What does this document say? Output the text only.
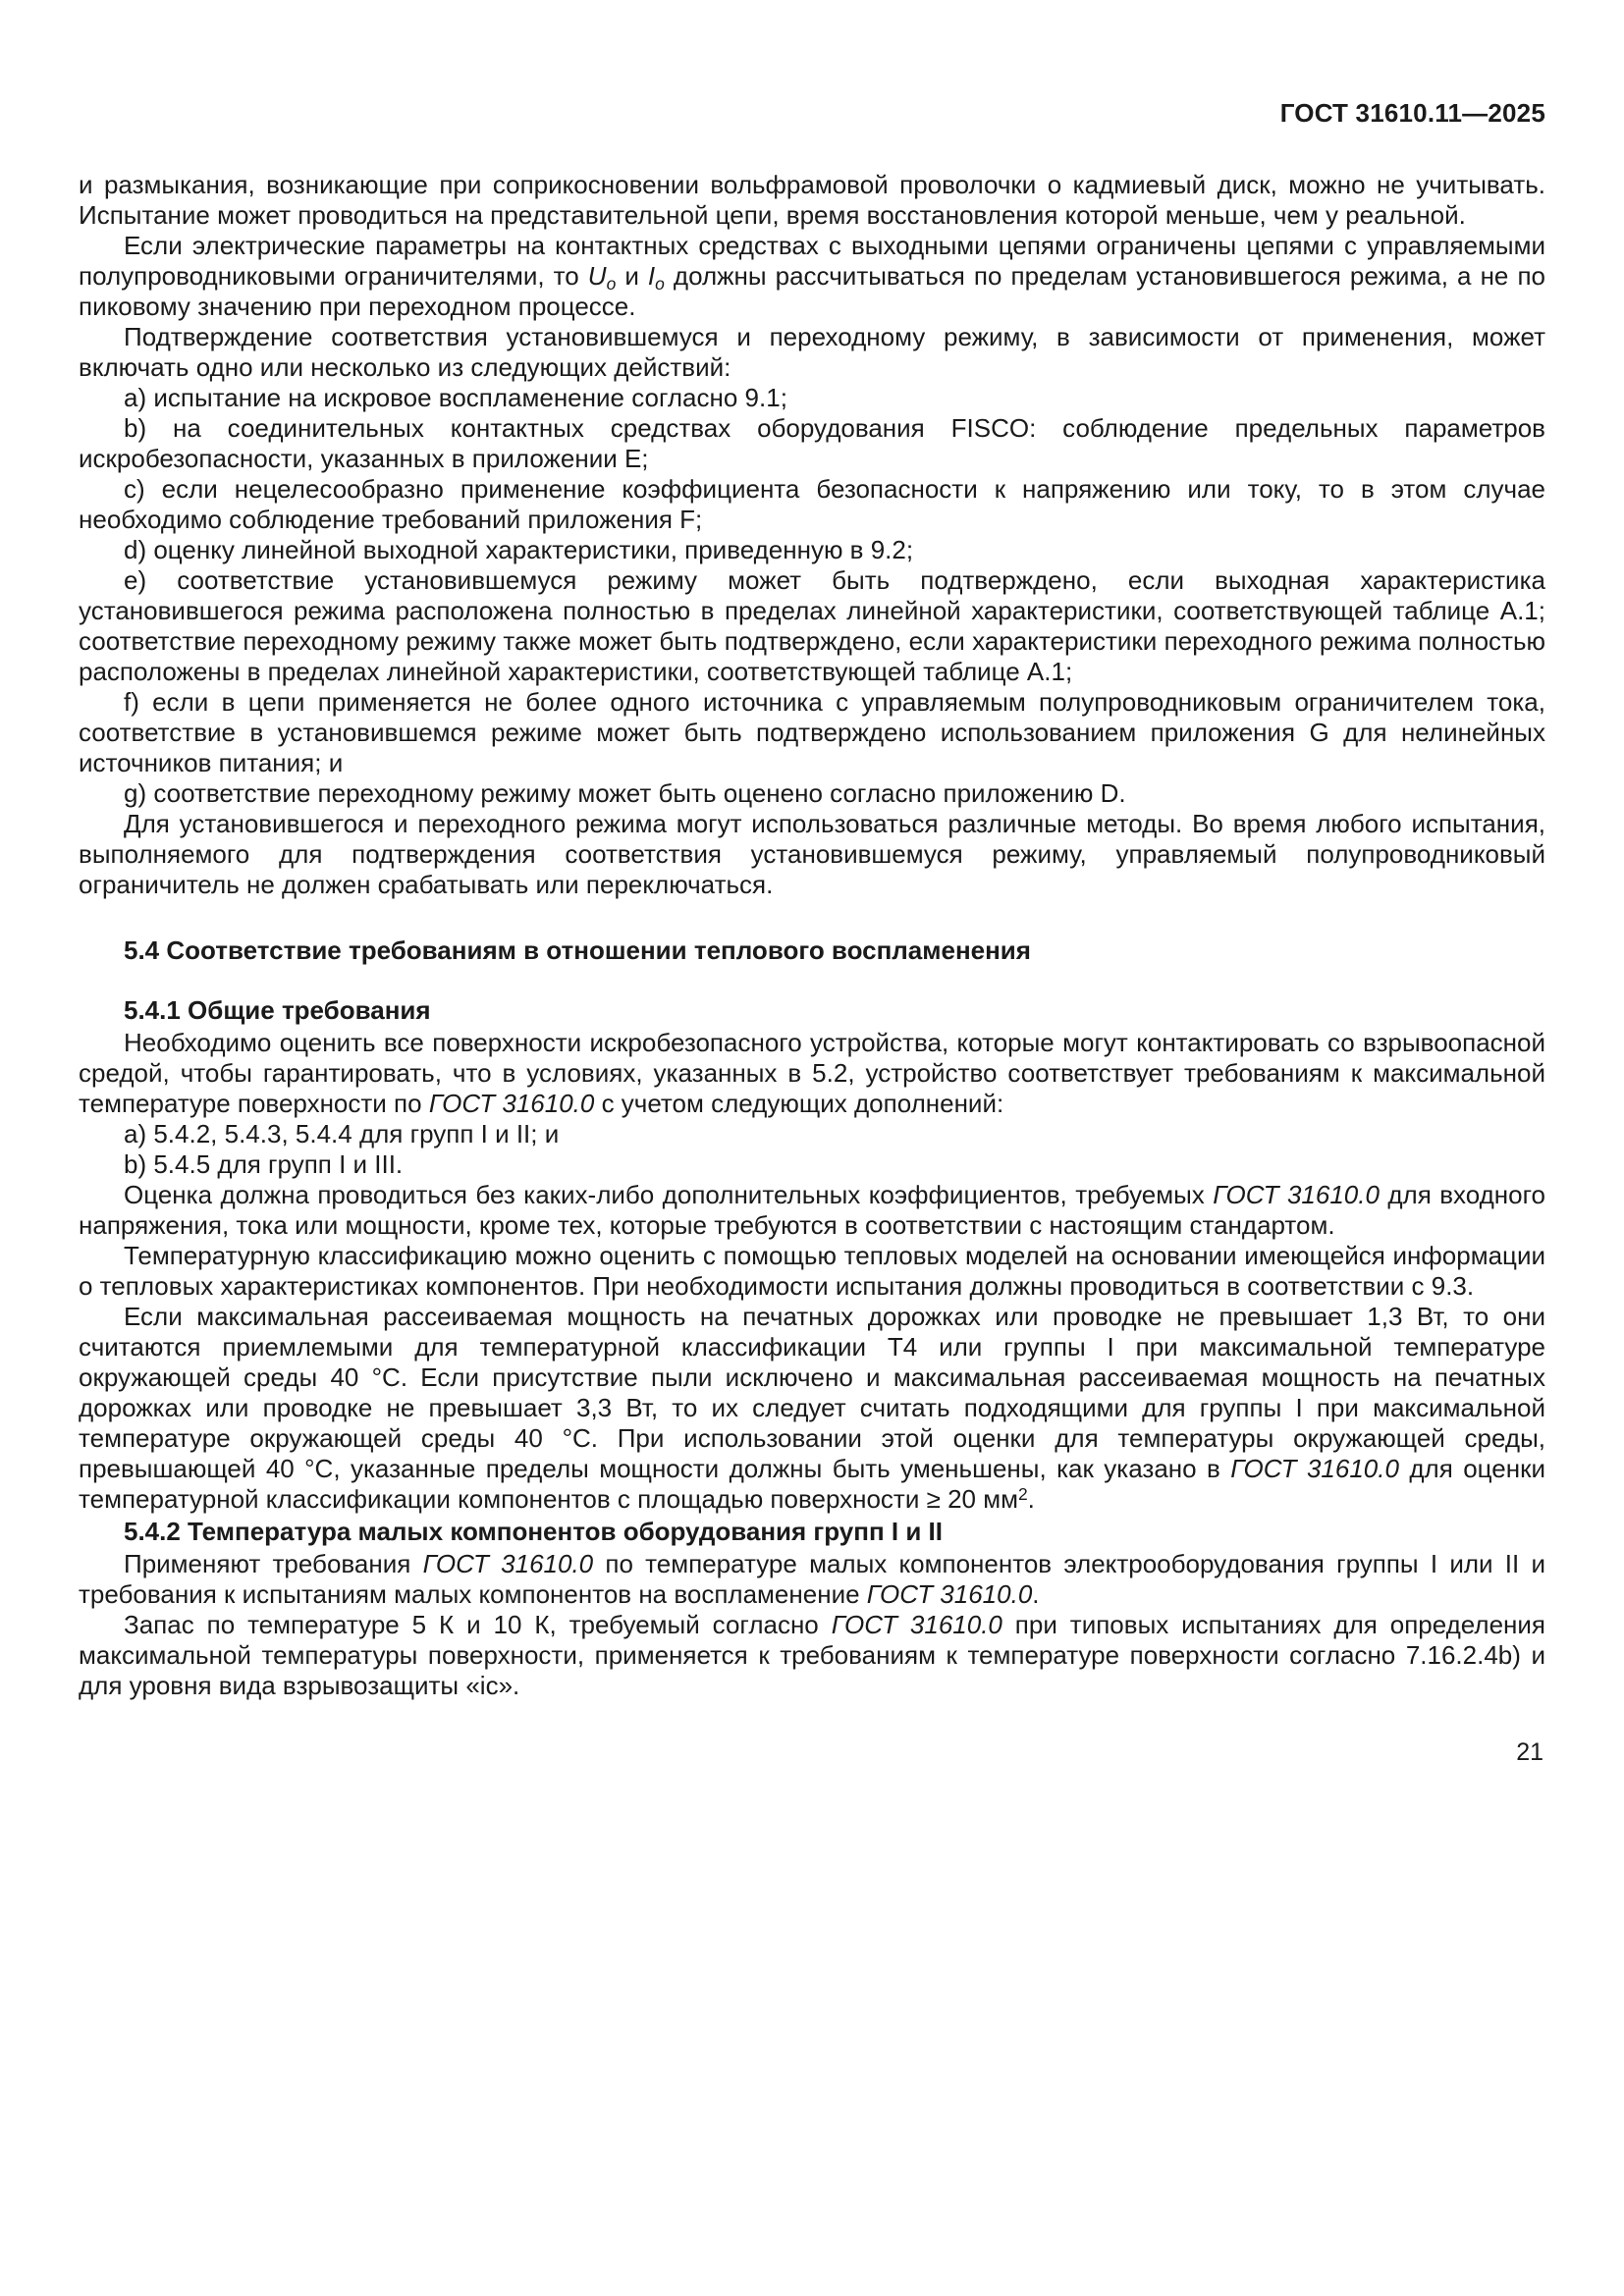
ГОСТ 31610.11—2025

и размыкания, возникающие при соприкосновении вольфрамовой проволочки о кадмиевый диск, можно не учитывать. Испытание может проводиться на представительной цепи, время восстановления которой меньше, чем у реальной.

Если электрические параметры на контактных средствах с выходными цепями ограничены цепями с управляемыми полупроводниковыми ограничителями, то $U_o$ и $I_o$ должны рассчитываться по пределам установившегося режима, а не по пиковому значению при переходном процессе.

Подтверждение соответствия установившемуся и переходному режиму, в зависимости от применения, может включать одно или несколько из следующих действий:

a) испытание на искровое воспламенение согласно 9.1;

b) на соединительных контактных средствах оборудования FISCO: соблюдение предельных параметров искробезопасности, указанных в приложении E;

c) если нецелесообразно применение коэффициента безопасности к напряжению или току, то в этом случае необходимо соблюдение требований приложения F;

d) оценку линейной выходной характеристики, приведенную в 9.2;

e) соответствие установившемуся режиму может быть подтверждено, если выходная характеристика установившегося режима расположена полностью в пределах линейной характеристики, соответствующей таблице А.1; соответствие переходному режиму также может быть подтверждено, если характеристики переходного режима полностью расположены в пределах линейной характеристики, соответствующей таблице А.1;

f) если в цепи применяется не более одного источника с управляемым полупроводниковым ограничителем тока, соответствие в установившемся режиме может быть подтверждено использованием приложения G для нелинейных источников питания; и

g) соответствие переходному режиму может быть оценено согласно приложению D.

Для установившегося и переходного режима могут использоваться различные методы. Во время любого испытания, выполняемого для подтверждения соответствия установившемуся режиму, управляемый полупроводниковый ограничитель не должен срабатывать или переключаться.

5.4 Соответствие требованиям в отношении теплового воспламенения

5.4.1 Общие требования

Необходимо оценить все поверхности искробезопасного устройства, которые могут контактировать со взрывоопасной средой, чтобы гарантировать, что в условиях, указанных в 5.2, устройство соответствует требованиям к максимальной температуре поверхности по ГОСТ 31610.0 с учетом следующих дополнений:

a) 5.4.2, 5.4.3, 5.4.4 для групп I и II; и

b) 5.4.5 для групп I и III.

Оценка должна проводиться без каких-либо дополнительных коэффициентов, требуемых ГОСТ 31610.0 для входного напряжения, тока или мощности, кроме тех, которые требуются в соответствии с настоящим стандартом.

Температурную классификацию можно оценить с помощью тепловых моделей на основании имеющейся информации о тепловых характеристиках компонентов. При необходимости испытания должны проводиться в соответствии с 9.3.

Если максимальная рассеиваемая мощность на печатных дорожках или проводке не превышает 1,3 Вт, то они считаются приемлемыми для температурной классификации Т4 или группы I при максимальной температуре окружающей среды 40 °С. Если присутствие пыли исключено и максимальная рассеиваемая мощность на печатных дорожках или проводке не превышает 3,3 Вт, то их следует считать подходящими для группы I при максимальной температуре окружающей среды 40 °С. При использовании этой оценки для температуры окружающей среды, превышающей 40 °С, указанные пределы мощности должны быть уменьшены, как указано в ГОСТ 31610.0 для оценки температурной классификации компонентов с площадью поверхности ≥ 20 $мм^2$.

5.4.2 Температура малых компонентов оборудования групп I и II

Применяют требования ГОСТ 31610.0 по температуре малых компонентов электрооборудования группы I или II и требования к испытаниям малых компонентов на воспламенение ГОСТ 31610.0.

Запас по температуре 5 К и 10 К, требуемый согласно ГОСТ 31610.0 при типовых испытаниях для определения максимальной температуры поверхности, применяется к требованиям к температуре поверхности согласно 7.16.2.4b) и для уровня вида взрывозащиты «ic».

21
